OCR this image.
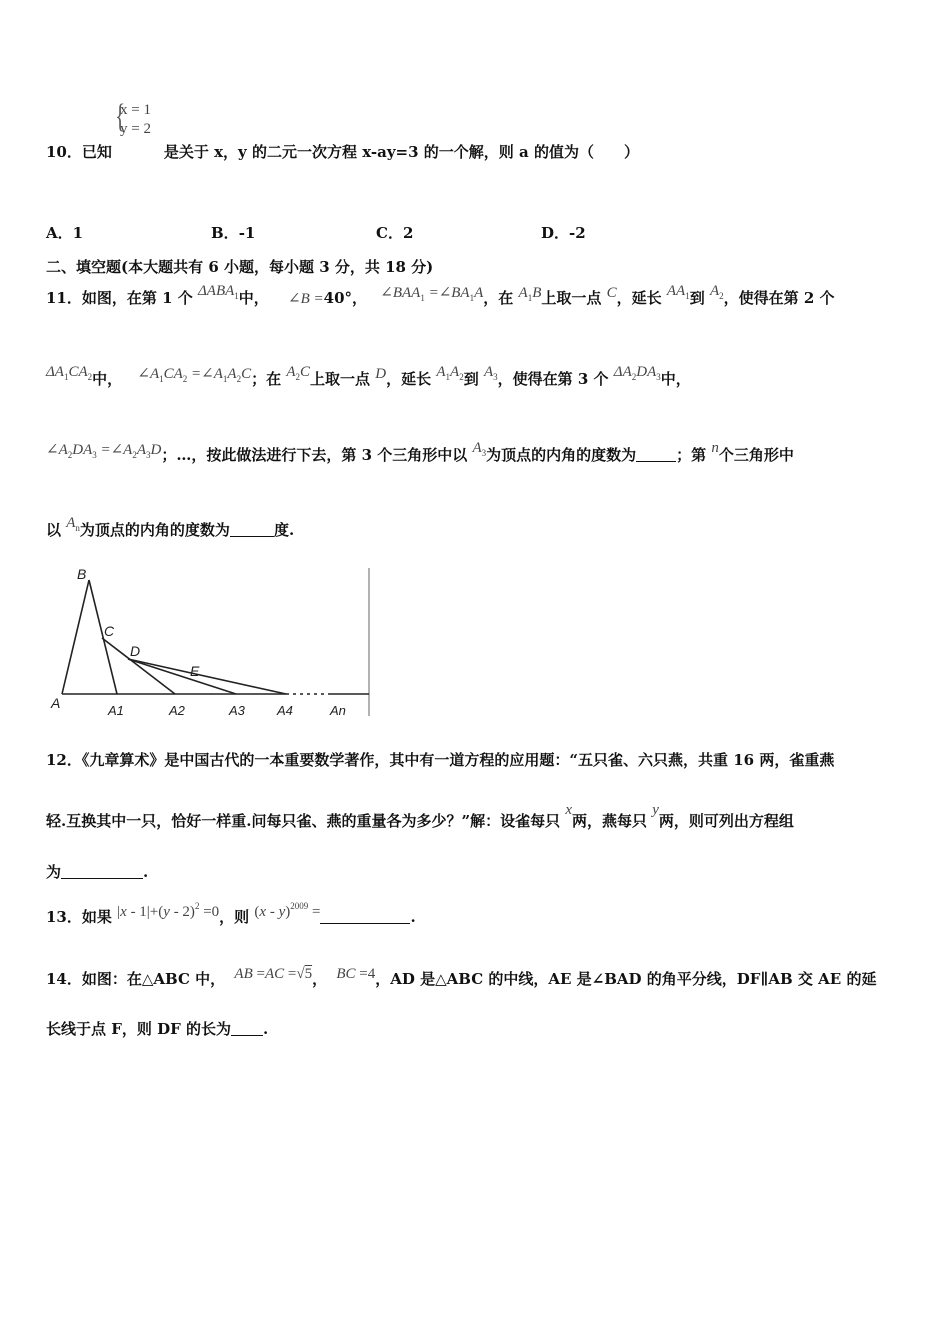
{
x = 1
y = 2
10．已知	是关于 x，y 的二元一次方程 x-ay=3 的一个解，则 a 的值为（　　）
A．1	B．-1	C．2	D．-2
二、填空题(本大题共有 6 小题，每小题 3 分，共 18 分)
11．如图，在第 1 个 $\Delta ABA_1$中， ∠B =40°， $\angle BAA_1$ $=\angle BA_1A$，在 $A_1B$上取一点 C，延长 $AA_1$到 $A_2$，使得在第 2 个
$\Delta A_1CA_2$中， $\angle A_1CA_2$ $=\angle A_1A_2C$；在 $A_2C$上取一点 D，延长 $A_1A_2$到 $A_3$，使得在第 3 个 $\Delta A_2DA_3$中，
$\angle A_2DA_3$ $=\angle A_2A_3D$；…，按此做法进行下去，第 3 个三角形中以 $A_3$为顶点的内角的度数为	；第 n个三角形中
以 $A_n$为顶点的内角的度数为	度.
B
C
D
E
A	A1	A2	A3 A4	An
12．《九章算术》是中国古代的一本重要数学著作，其中有一道方程的应用题：“五只雀、六只燕，共重 16 两，雀重燕
轻.互换其中一只，恰好一样重.问每只雀、燕的重量各为多少？”解：设雀每只 x两，燕每只 y两，则可列出方程组
为	.
13．如果 |x - 1|+(y - 2)$^2$ =0，则 (x - y)$^{2009}$ =	.
14．如图：在△ABC 中， AB =AC =√5， BC =4，AD 是△ABC 的中线，AE 是∠BAD 的角平分线，DF∥AB 交 AE 的延
长线于点 F，则 DF 的长为 .
